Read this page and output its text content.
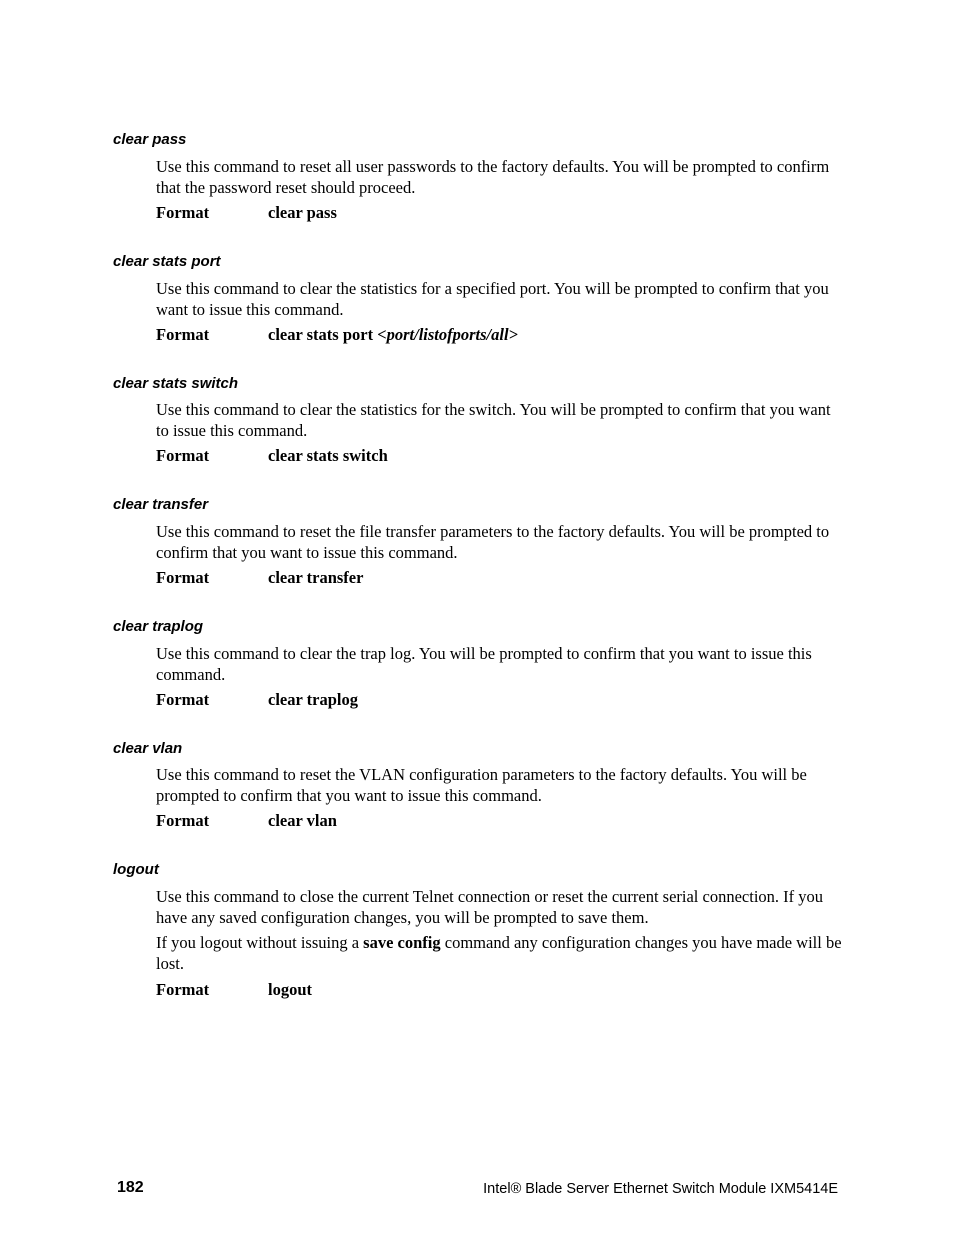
clear pass

Use this command to reset all user passwords to the factory defaults. You will be prompted to confirm that the password reset should proceed.

Format	clear pass
clear stats port

Use this command to clear the statistics for a specified port. You will be prompted to confirm that you want to issue this command.

Format	clear stats port <port/listofports/all>
clear stats switch

Use this command to clear the statistics for the switch. You will be prompted to confirm that you want to issue this command.

Format	clear stats switch
clear transfer

Use this command to reset the file transfer parameters to the factory defaults. You will be prompted to confirm that you want to issue this command.

Format	clear transfer
clear traplog

Use this command to clear the trap log. You will be prompted to confirm that you want to issue this command.

Format	clear traplog
clear vlan

Use this command to reset the VLAN configuration parameters to the factory defaults. You will be prompted to confirm that you want to issue this command.

Format	clear vlan
logout

Use this command to close the current Telnet connection or reset the current serial connection. If you have any saved configuration changes, you will be prompted to save them.

If you logout without issuing a save config command any configuration changes you have made will be lost.

Format	logout
182	Intel® Blade Server Ethernet Switch Module IXM5414E
